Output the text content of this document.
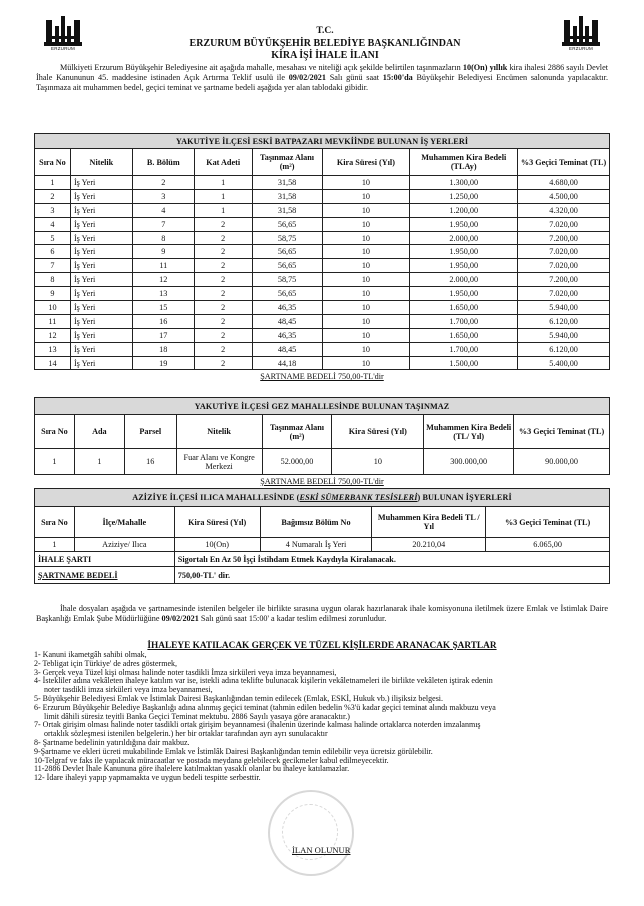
ERZURUM	ERZURUM
T.C.
ERZURUM BÜYÜKŞEHİR BELEDİYE BAŞKANLIĞINDAN
KİRA İŞİ İHALE İLANI
Mülkiyeti Erzurum Büyükşehir Belediyesine ait aşağıda mahalle, mesahası ve niteliği açık şekilde belirtilen taşınmazların 10(On) yıllık kira ihalesi 2886 sayılı Devlet İhale Kanununun 45. maddesine istinaden Açık Artırma Teklif usulü ile 09/02/2021 Salı günü saat 15:00'da Büyükşehir Belediyesi Encümen salonunda yapılacaktır. Taşınmaza ait muhammen bedel, geçici teminat ve şartname bedeli aşağıda yer alan tablodaki gibidir.
YAKUTİYE İLÇESİ ESKİ BATPAZARI MEVKİİNDE BULUNAN İŞ YERLERİ							
Sıra No	Nitelik	B. Bölüm	Kat Adeti	Taşınmaz Alanı (m²)	Kira Süresi (Yıl)	Muhammen Kira Bedeli (TLAy)	%3 Geçici Teminat (TL)
1	İş Yeri	2	1	31,58	10	1.300,00	4.680,00
2	İş Yeri	3	1	31,58	10	1.250,00	4.500,00
3	İş Yeri	4	1	31,58	10	1.200,00	4.320,00
4	İş Yeri	7	2	56,65	10	1.950,00	7.020,00
5	İş Yeri	8	2	58,75	10	2.000,00	7.200,00
6	İş Yeri	9	2	56,65	10	1.950,00	7.020,00
7	İş Yeri	11	2	56,65	10	1.950,00	7.020,00
8	İş Yeri	12	2	58,75	10	2.000,00	7.200,00
9	İş Yeri	13	2	56,65	10	1.950,00	7.020,00
10	İş Yeri	15	2	46,35	10	1.650,00	5.940,00
11	İş Yeri	16	2	48,45	10	1.700,00	6.120,00
12	İş Yeri	17	2	46,35	10	1.650,00	5.940,00
13	İş Yeri	18	2	48,45	10	1.700,00	6.120,00
14	İş Yeri	19	2	44,18	10	1.500,00	5.400,00
ŞARTNAME BEDELİ 750,00-TL'dir							
YAKUTİYE İLÇESİ GEZ MAHALLESİNDE BULUNAN TAŞINMAZ							
Sıra No	Ada	Parsel	Nitelik	Taşınmaz Alanı (m²)	Kira Süresi (Yıl)	Muhammen Kira Bedeli (TL/ Yıl)	%3 Geçici Teminat (TL)
1	1	16	Fuar Alanı ve Kongre Merkezi	52.000,00	10	300.000,00	90.000,00
ŞARTNAME BEDELİ 750,00-TL'dir							
AZİZİYE İLÇESİ ILICA MAHALLESİNDE (ESKİ SÜMERBANK TESİSLERİ) BULUNAN İŞYERLERİ					
Sıra No	İlçe/Mahalle	Kira Süresi (Yıl)	Bağımsız Bölüm No	Muhammen Kira Bedeli TL / Yıl	%3 Geçici Teminat (TL)
1	Aziziye/ Ilıca	10(On)	4 Numaralı İş Yeri	20.210,04	6.065,00
İHALE ŞARTI		Sigortalı En Az 50 İşçi İstihdam Etmek Kaydıyla Kiralanacak.			
ŞARTNAME BEDELİ		750,00-TL' dir.			
İhale dosyaları aşağıda ve şartnamesinde istenilen belgeler ile birlikte sırasına uygun olarak hazırlanarak ihale komisyonuna iletilmek üzere Emlak ve İstimlak Daire Başkanlığı Emlak Şube Müdürlüğüne 09/02/2021 Salı günü saat 15:00' a kadar teslim edilmesi zorunludur.
İHALEYE KATILACAK GERÇEK VE TÜZEL KİŞİLERDE ARANACAK ŞARTLAR
1- Kanuni ikametgâh sahibi olmak,
2- Tebligat için Türkiye' de adres göstermek,
3- Gerçek veya Tüzel kişi olması halinde noter tasdikli İmza sirküleri veya imza beyannamesi,
4- İstekliler adına vekâleten ihaleye katılım var ise, istekli adına teklifte bulunacak kişilerin vekâletnameleri ile birlikte vekâleten iştirak edenin
noter tasdikli imza sirküleri veya imza beyannamesi,
5- Büyükşehir Belediyesi Emlak ve İstimlak Dairesi Başkanlığından temin edilecek (Emlak, ESKİ, Hukuk vb.) ilişiksiz belgesi.
6- Erzurum Büyükşehir Belediye Başkanlığı adına alınmış geçici teminat (tahmin edilen bedelin %3'ü kadar geçici teminat alındı makbuzu veya
limit dâhili süresiz teyitli Banka Geçici Teminat mektubu. 2886 Sayılı yasaya göre aranacaktır.)
7- Ortak girişim olması halinde noter tasdikli ortak girişim beyannamesi (ihalenin üzerinde kalması halinde ortaklarca noterden imzalanmış
ortaklık sözleşmesi istenilen belgelerin.) her bir ortaklar tarafından ayrı ayrı sunulacaktır
8- Şartname bedelinin yatırıldığına dair makbuz.
9-Şartname ve ekleri ücreti mukabilinde Emlak ve İstimlâk Dairesi Başkanlığından temin edilebilir veya ücretsiz görülebilir.
10-Telgraf ve faks ile yapılacak müracaatlar ve postada meydana gelebilecek gecikmeler kabul edilmeyecektir.
11-2886 Devlet İhale Kanununa göre ihalelere katılmaktan yasaklı olanlar bu ihaleye katılamazlar.
12- İdare ihaleyi yapıp yapmamakta ve uygun bedeli tespitte serbesttir.
İLAN OLUNUR
